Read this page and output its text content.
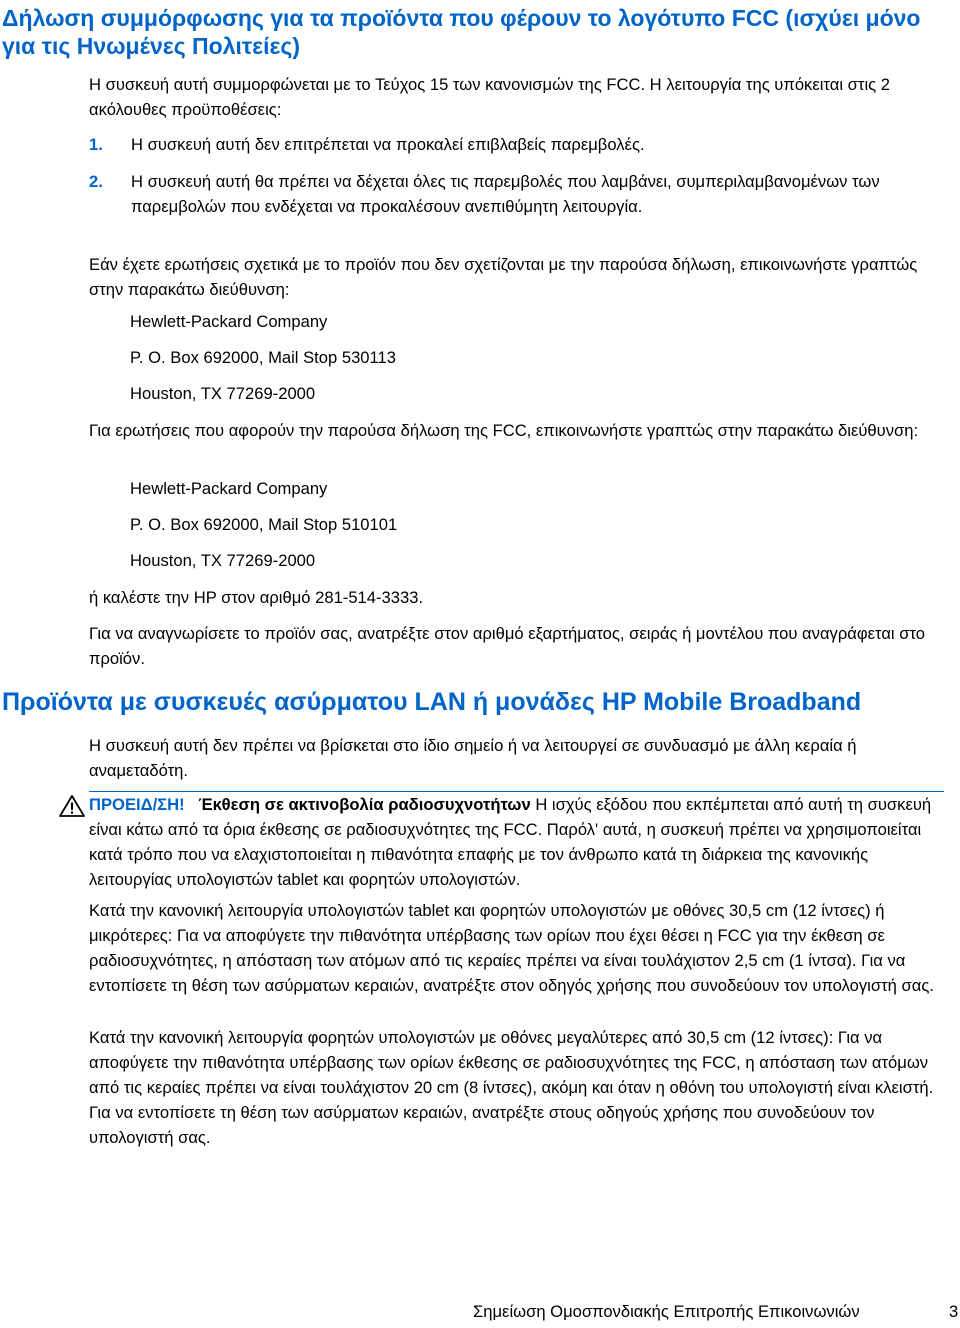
Δήλωση συμμόρφωσης για τα προϊόντα που φέρουν το λογότυπο FCC (ισχύει μόνο για τις Ηνωμένες Πολιτείες)

Η συσκευή αυτή συμμορφώνεται με το Τεύχος 15 των κανονισμών της FCC. Η λειτουργία της υπόκειται στις 2 ακόλουθες προϋποθέσεις:

1. Η συσκευή αυτή δεν επιτρέπεται να προκαλεί επιβλαβείς παρεμβολές.
2. Η συσκευή αυτή θα πρέπει να δέχεται όλες τις παρεμβολές που λαμβάνει, συμπεριλαμβανομένων των παρεμβολών που ενδέχεται να προκαλέσουν ανεπιθύμητη λειτουργία.

Εάν έχετε ερωτήσεις σχετικά με το προϊόν που δεν σχετίζονται με την παρούσα δήλωση, επικοινωνήστε γραπτώς στην παρακάτω διεύθυνση:

Hewlett-Packard Company
P. O. Box 692000, Mail Stop 530113
Houston, TX 77269-2000

Για ερωτήσεις που αφορούν την παρούσα δήλωση της FCC, επικοινωνήστε γραπτώς στην παρακάτω διεύθυνση:

Hewlett-Packard Company
P. O. Box 692000, Mail Stop 510101
Houston, TX 77269-2000

ή καλέστε την HP στον αριθμό 281-514-3333.

Για να αναγνωρίσετε το προϊόν σας, ανατρέξτε στον αριθμό εξαρτήματος, σειράς ή μοντέλου που αναγράφεται στο προϊόν.

Προϊόντα με συσκευές ασύρματου LAN ή μονάδες HP Mobile Broadband

Η συσκευή αυτή δεν πρέπει να βρίσκεται στο ίδιο σημείο ή να λειτουργεί σε συνδυασμό με άλλη κεραία ή αναμεταδότη.

ΠΡΟΕΙΔ/ΣΗ! Έκθεση σε ακτινοβολία ραδιοσυχνοτήτων Η ισχύς εξόδου που εκπέμπεται από αυτή τη συσκευή είναι κάτω από τα όρια έκθεσης σε ραδιοσυχνότητες της FCC. Παρόλ' αυτά, η συσκευή πρέπει να χρησιμοποιείται κατά τρόπο που να ελαχιστοποιείται η πιθανότητα επαφής με τον άνθρωπο κατά τη διάρκεια της κανονικής λειτουργίας υπολογιστών tablet και φορητών υπολογιστών.

Κατά την κανονική λειτουργία υπολογιστών tablet και φορητών υπολογιστών με οθόνες 30,5 cm (12 ίντσες) ή μικρότερες: Για να αποφύγετε την πιθανότητα υπέρβασης των ορίων που έχει θέσει η FCC για την έκθεση σε ραδιοσυχνότητες, η απόσταση των ατόμων από τις κεραίες πρέπει να είναι τουλάχιστον 2,5 cm (1 ίντσα). Για να εντοπίσετε τη θέση των ασύρματων κεραιών, ανατρέξτε στον οδηγός χρήσης που συνοδεύουν τον υπολογιστή σας.

Κατά την κανονική λειτουργία φορητών υπολογιστών με οθόνες μεγαλύτερες από 30,5 cm (12 ίντσες): Για να αποφύγετε την πιθανότητα υπέρβασης των ορίων έκθεσης σε ραδιοσυχνότητες της FCC, η απόσταση των ατόμων από τις κεραίες πρέπει να είναι τουλάχιστον 20 cm (8 ίντσες), ακόμη και όταν η οθόνη του υπολογιστή είναι κλειστή. Για να εντοπίσετε τη θέση των ασύρματων κεραιών, ανατρέξτε στους οδηγούς χρήσης που συνοδεύουν τον υπολογιστή σας.

Σημείωση Ομοσπονδιακής Επιτροπής Επικοινωνιών	3
